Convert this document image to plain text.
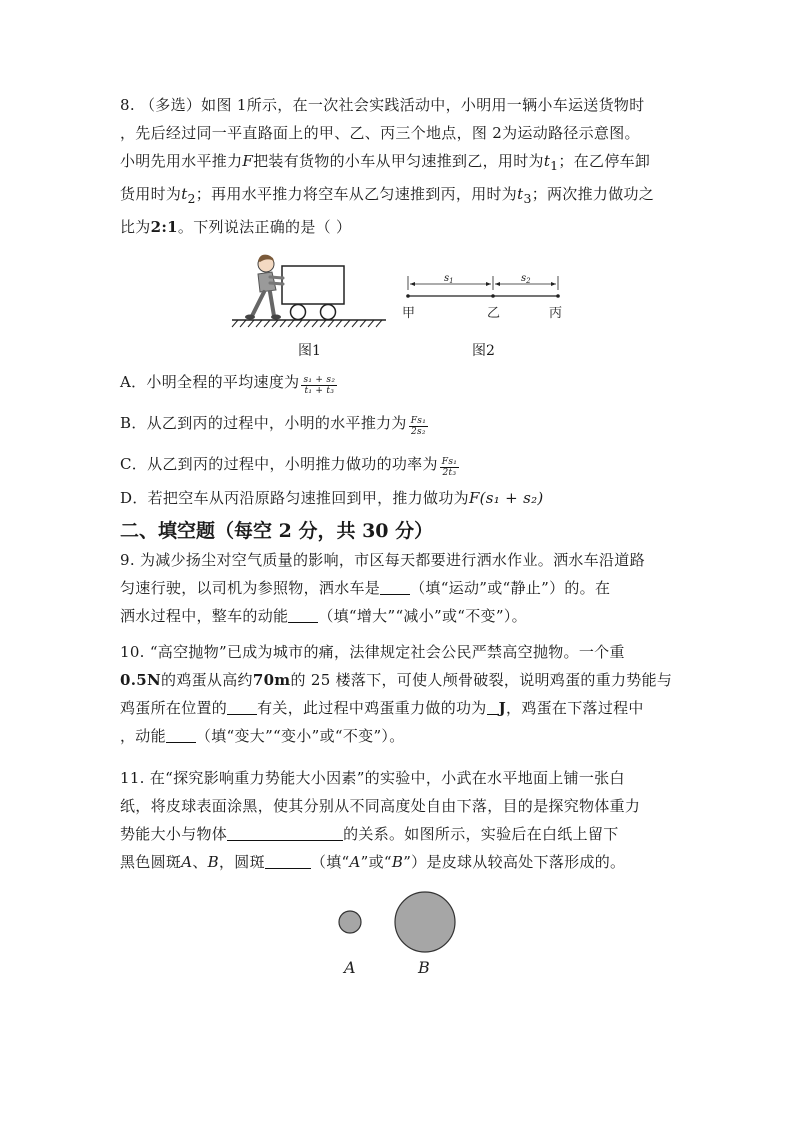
8. （多选）如图 1所示，在一次社会实践活动中，小明用一辆小车运送货物时
，先后经过同一平直路面上的甲、乙、丙三个地点，图 2为运动路径示意图。
小明先用水平推力F把装有货物的小车从甲匀速推到乙，用时为$t_1$；在乙停车卸
货用时为$t_2$；再用水平推力将空车从乙匀速推到丙，用时为$t_3$；两次推力做功之
比为2:1。下列说法正确的是（ ）

图1
$s_1$	$s_2$
甲	乙	丙
图2

A．小明全程的平均速度为 $\frac{\text{s₁ + s₂}}{\text{t₁ + t₃}}$

B．从乙到丙的过程中，小明的水平推力为 $\frac{\text{Fs₁}}{\text{2s₂}}$

C．从乙到丙的过程中，小明推力做功的功率为 $\frac{\text{Fs₁}}{\text{2t₃}}$

D．若把空车从丙沿原路匀速推回到甲，推力做功为F(s₁ + s₂)

二、填空题（每空 2 分，共 30 分）

9. 为减少扬尘对空气质量的影响，市区每天都要进行洒水作业。洒水车沿道路
匀速行驶，以司机为参照物，洒水车是 （填“运动”或“静止”）的。在
洒水过程中，整车的动能 （填“增大”“减小”或“不变”）。

10. “高空抛物”已成为城市的痛，法律规定社会公民严禁高空抛物。一个重
0.5N的鸡蛋从高约70m的 25 楼落下，可使人颅骨破裂，说明鸡蛋的重力势能与
鸡蛋所在位置的 有关，此过程中鸡蛋重力做的功为 J，鸡蛋在下落过程中
，动能 （填“变大”“变小”或“不变”）。

11. 在“探究影响重力势能大小因素”的实验中，小武在水平地面上铺一张白
纸，将皮球表面涂黑，使其分别从不同高度处自由下落，目的是探究物体重力
势能大小与物体	的关系。如图所示，实验后在白纸上留下
黑色圆斑A、B，圆斑	（填“A”或“B”）是皮球从较高处下落形成的。

A	B
